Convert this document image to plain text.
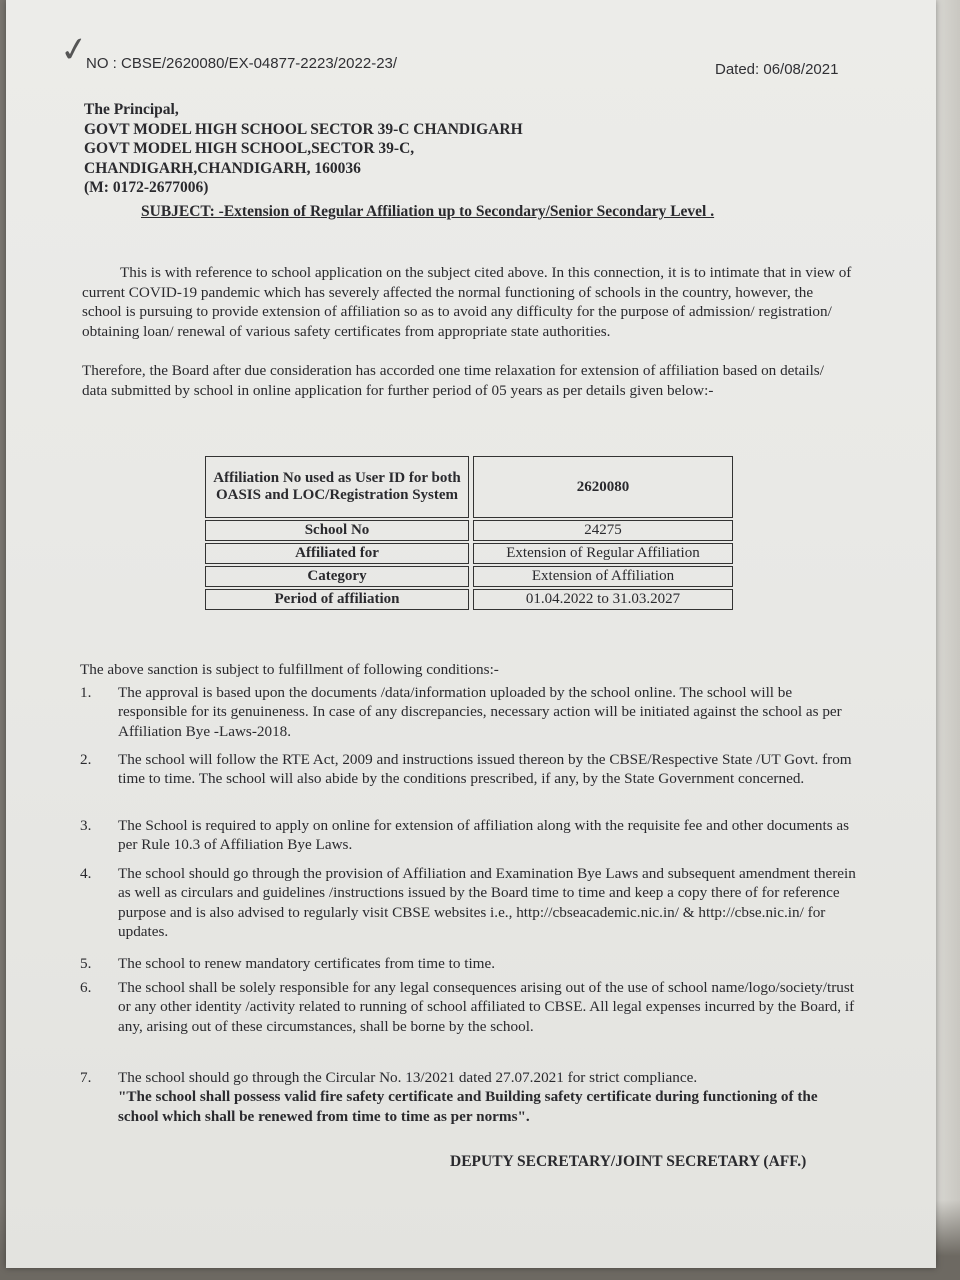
✓
NO : CBSE/2620080/EX-04877-2223/2022-23/	Dated: 06/08/2021
The Principal,
GOVT MODEL HIGH SCHOOL SECTOR 39-C CHANDIGARH
GOVT MODEL HIGH SCHOOL,SECTOR 39-C,
CHANDIGARH,CHANDIGARH, 160036
(M: 0172-2677006)
SUBJECT: -Extension of Regular Affiliation up to Secondary/Senior Secondary Level .
This is with reference to school application on the subject cited above. In this connection, it is to intimate that in view of current COVID-19 pandemic which has severely affected the normal functioning of schools in the country, however, the school is pursuing to provide extension of affiliation so as to avoid any difficulty for the purpose of admission/ registration/ obtaining loan/ renewal of various safety certificates from appropriate state authorities.
Therefore, the Board after due consideration has accorded one time relaxation for extension of affiliation based on details/ data submitted by school in online application for further period of 05 years as per details given below:-
Affiliation No used as User ID for both OASIS and LOC/Registration System		2620080
School No		24275
Affiliated for		Extension of Regular Affiliation
Category		Extension of Affiliation
Period of affiliation		01.04.2022 to 31.03.2027
The above sanction is subject to fulfillment of following conditions:-
1.	The approval is based upon the documents /data/information uploaded by the school online. The school will be responsible for its genuineness. In case of any discrepancies, necessary action will be initiated against the school as per Affiliation Bye -Laws-2018.
2.	The school will follow the RTE Act, 2009 and instructions issued thereon by the CBSE/Respective State /UT Govt. from time to time. The school will also abide by the conditions prescribed, if any, by the State Government concerned.
3.	The School is required to apply on online for extension of affiliation along with the requisite fee and other documents as per Rule 10.3 of Affiliation Bye Laws.
4.	The school should go through the provision of Affiliation and Examination Bye Laws and subsequent amendment therein as well as circulars and guidelines /instructions issued by the Board time to time and keep a copy there of for reference purpose and is also advised to regularly visit CBSE websites i.e., http://cbseacademic.nic.in/ & http://cbse.nic.in/ for updates.
5.	The school to renew mandatory certificates from time to time.
6.	The school shall be solely responsible for any legal consequences arising out of the use of school name/logo/society/trust or any other identity /activity related to running of school affiliated to CBSE. All legal expenses incurred by the Board, if any, arising out of these circumstances, shall be borne by the school.
7.	The school should go through the Circular No. 13/2021 dated 27.07.2021 for strict compliance.
"The school shall possess valid fire safety certificate and Building safety certificate during functioning of the school which shall be renewed from time to time as per norms".
DEPUTY SECRETARY/JOINT SECRETARY (AFF.)
